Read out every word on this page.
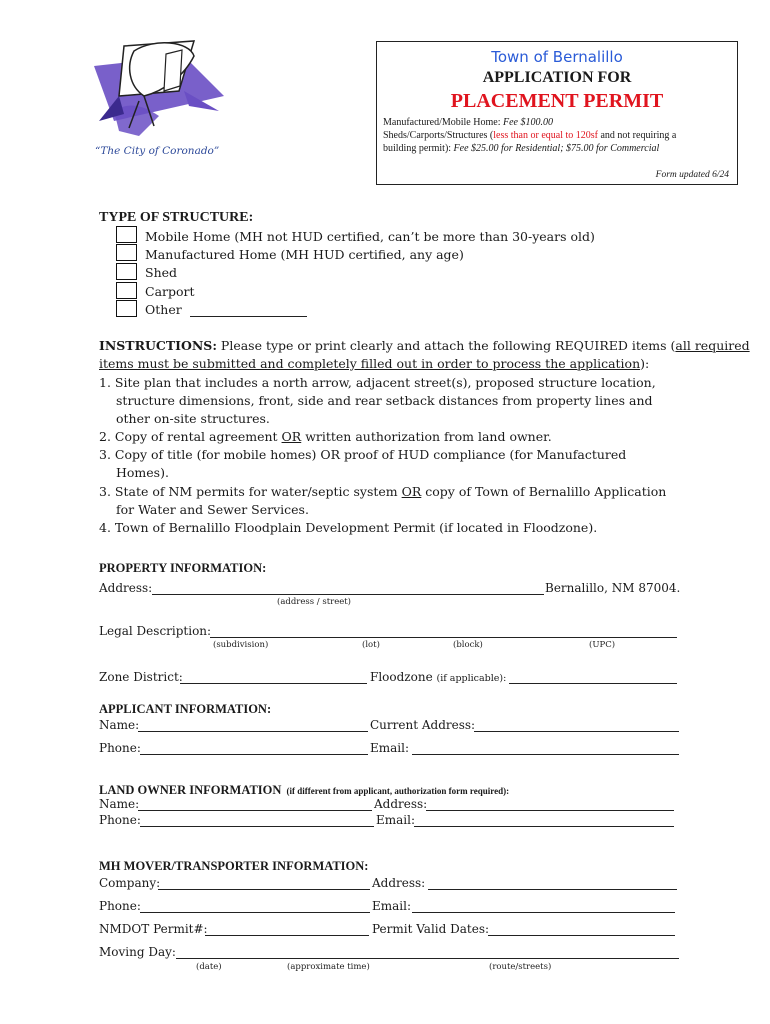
“The City of Coronado”
Town of Bernalillo
APPLICATION FOR
PLACEMENT PERMIT
Manufactured/Mobile Home: Fee $100.00
Sheds/Carports/Structures (less than or equal to 120sf and not requiring a
building permit): Fee $25.00 for Residential; $75.00 for Commercial
Form updated 6/24
TYPE OF STRUCTURE:
Mobile Home (MH not HUD certified, can’t be more than 30-years old)
Manufactured Home (MH HUD certified, any age)
Shed
Carport
Other
INSTRUCTIONS: Please type or print clearly and attach the following REQUIRED items (all required
items must be submitted and completely filled out in order to process the application):
1. Site plan that includes a north arrow, adjacent street(s), proposed structure location,
structure dimensions, front, side and rear setback distances from property lines and
other on-site structures.
2. Copy of rental agreement OR written authorization from land owner.
3. Copy of title (for mobile homes) OR proof of HUD compliance (for Manufactured
Homes).
3. State of NM permits for water/septic system OR copy of Town of Bernalillo Application
for Water and Sewer Services.
4. Town of Bernalillo Floodplain Development Permit (if located in Floodzone).
PROPERTY INFORMATION:
Address:	Bernalillo, NM 87004.
(address / street)
Legal Description:
(subdivision)	(lot)	(block)	(UPC)
Zone District:	Floodzone (if applicable):
APPLICANT INFORMATION:
Name:	Current Address:
Phone:	Email:
LAND OWNER INFORMATION (if different from applicant, authorization form required):
Name:	Address:
Phone:	Email:
MH MOVER/TRANSPORTER INFORMATION:
Company:	Address:
Phone:	Email:
NMDOT Permit#:	Permit Valid Dates:
Moving Day:
(date)	(approximate time)	(route/streets)
